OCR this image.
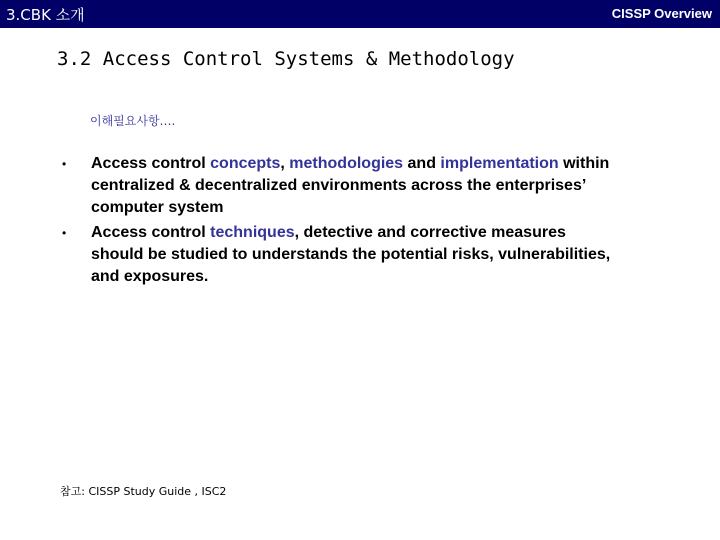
3.CBK 소개	CISSP Overview
3.2 Access Control Systems & Methodology
이해필요사항….
• Access control concepts, methodologies and implementation within centralized & decentralized environments across the enterprises’ computer system
• Access control techniques, detective and corrective measures should be studied to understands the potential risks, vulnerabilities, and exposures.
참고: CISSP Study Guide , ISC2
